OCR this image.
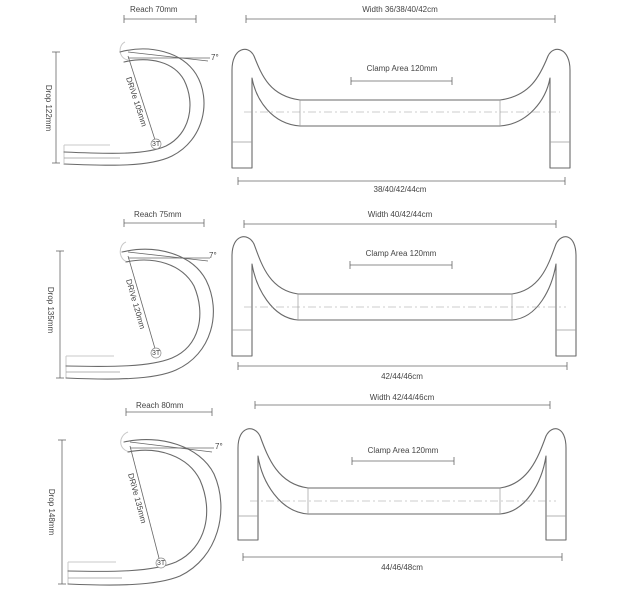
Reach 70mm
Drop 122mm
7°
DRiVe 105mm
3T
Width 36/38/40/42cm
Clamp Area 120mm
38/40/42/44cm
Reach 75mm
Drop 135mm
7°
DRiVe 120mm
3T
Width 40/42/44cm
Clamp Area 120mm
42/44/46cm
Reach 80mm
Drop 148mm
7°
DRiVe 135mm
3T
Width 42/44/46cm
Clamp Area 120mm
44/46/48cm
